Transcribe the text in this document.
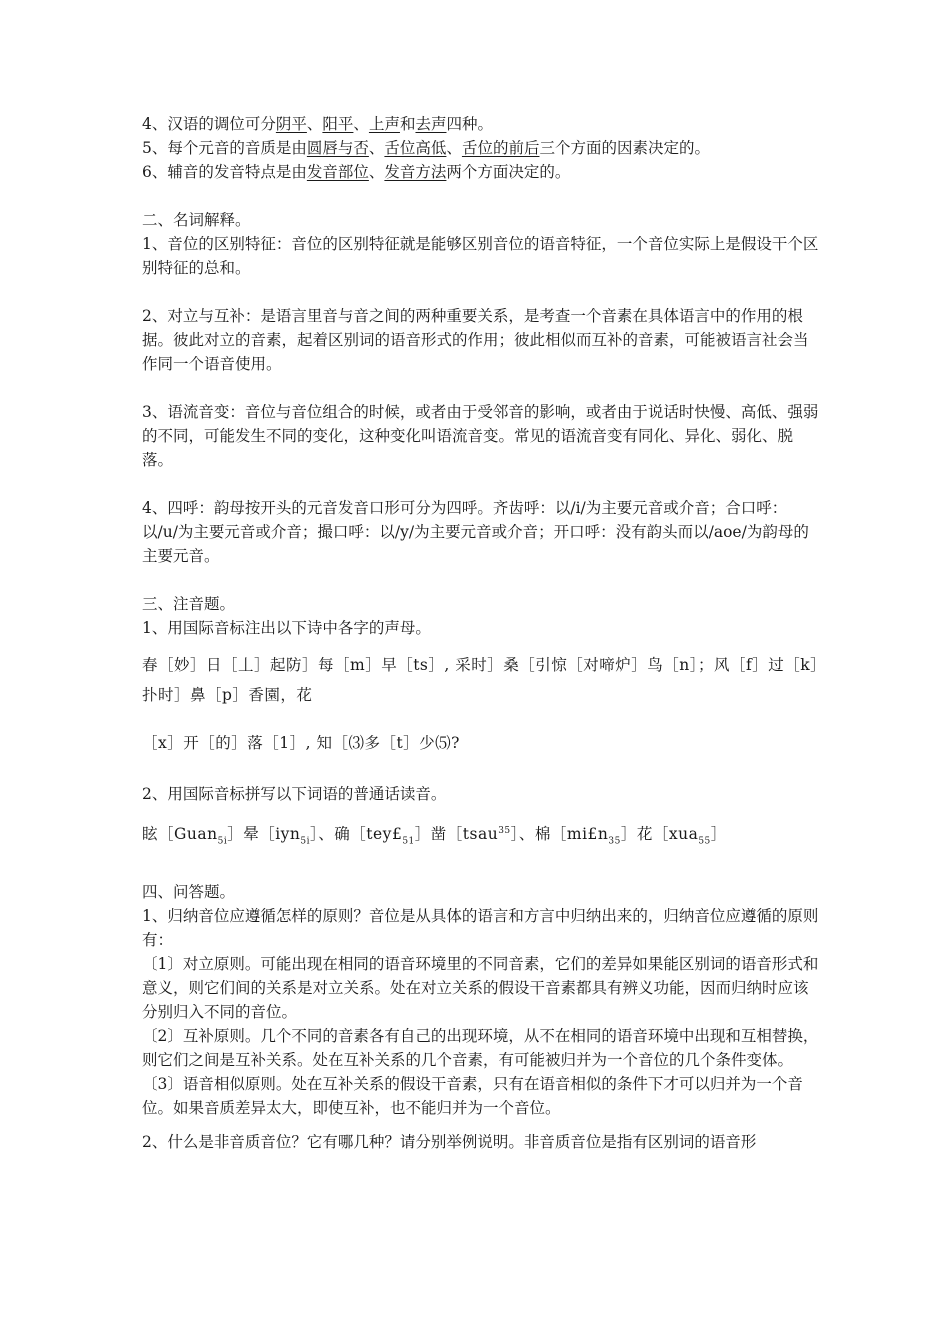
4、汉语的调位可分阴平、阳平、上声和去声四种。

5、每个元音的音质是由圆唇与否、舌位高低、舌位的前后三个方面的因素决定的。

6、辅音的发音特点是由发音部位、发音方法两个方面决定的。

二、名词解释。

1、音位的区别特征：音位的区别特征就是能够区别音位的语音特征，一个音位实际上是假设干个区别特征的总和。

2、对立与互补：是语言里音与音之间的两种重要关系，是考查一个音素在具体语言中的作用的根据。彼此对立的音素，起着区别词的语音形式的作用；彼此相似而互补的音素，可能被语言社会当作同一个语音使用。

3、语流音变：音位与音位组合的时候，或者由于受邻音的影响，或者由于说话时快慢、高低、强弱的不同，可能发生不同的变化，这种变化叫语流音变。常见的语流音变有同化、异化、弱化、脱落。

4、四呼：韵母按开头的元音发音口形可分为四呼。齐齿呼：以/i/为主要元音或介音；合口呼：以/u/为主要元音或介音；撮口呼：以/y/为主要元音或介音；开口呼：没有韵头而以/aoe/为韵母的主要元音。

三、注音题。

1、用国际音标注出以下诗中各字的声母。

春［妙］日［丄］起防］每［m］早［ts］, 采时］桑［引惊［对啼炉］鸟［n］；风［f］过［k］扑时］鼻［p］香園，花

［x］开［的］落［1］, 知［⑶多［t］少⑸?

2、用国际音标拼写以下词语的普通话读音。

眩［Guan$_{5i}$］晕［iyn$_{5i}$］、确$[tey£_{51}]$凿［tsau$^{35}$］、棉$[mi£n_{35}]$花［xua$_{55}$］

四、问答题。

1、归纳音位应遵循怎样的原则？音位是从具体的语言和方言中归纳出来的，归纳音位应遵循的原则有：

〔1〕对立原则。可能出现在相同的语音环境里的不同音素，它们的差异如果能区别词的语音形式和意义，则它们间的关系是对立关系。处在对立关系的假设干音素都具有辨义功能，因而归纳时应该分别归入不同的音位。

〔2〕互补原则。几个不同的音素各有自己的出现环境，从不在相同的语音环境中出现和互相替换，则它们之间是互补关系。处在互补关系的几个音素，有可能被归并为一个音位的几个条件变体。

〔3〕语音相似原则。处在互补关系的假设干音素，只有在语音相似的条件下才可以归并为一个音位。如果音质差异太大，即使互补，也不能归并为一个音位。

2、什么是非音质音位？它有哪几种？请分别举例说明。非音质音位是指有区别词的语音形
